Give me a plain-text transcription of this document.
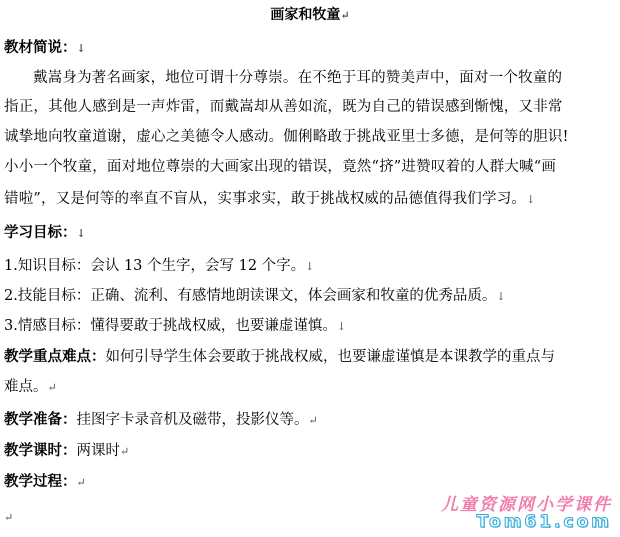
画家和牧童↵
教材简说：↓
戴嵩身为著名画家，地位可谓十分尊崇。在不绝于耳的赞美声中，面对一个牧童的
指正，其他人感到是一声炸雷，而戴嵩却从善如流，既为自己的错误感到惭愧，又非常
诚挚地向牧童道谢，虚心之美德令人感动。伽俐略敢于挑战亚里士多德，是何等的胆识!
小小一个牧童，面对地位尊崇的大画家出现的错误，竟然“挤”进赞叹着的人群大喊“画
错啦”，又是何等的率直不盲从，实事求实，敢于挑战权威的品德值得我们学习。↓
学习目标：↓
1.知识目标：会认 13 个生字，会写 12 个字。↓
2.技能目标：正确、流利、有感情地朗读课文，体会画家和牧童的优秀品质。↓
3.情感目标：懂得要敢于挑战权威，也要谦虚谨慎。↓
教学重点难点：如何引导学生体会要敢于挑战权威，也要谦虚谨慎是本课教学的重点与
难点。↵
教学准备：挂图字卡录音机及磁带，投影仪等。↵
教学课时：两课时↵
教学过程：↵
↵
儿童资源网小学课件
Tom61.com
